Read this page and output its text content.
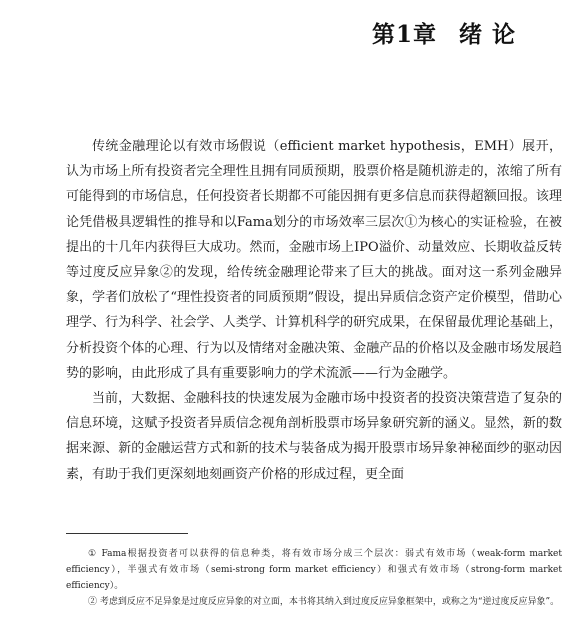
第1章 绪 论

传统金融理论以有效市场假说（efficient market hypothesis，EMH）展开，认为市场上所有投资者完全理性且拥有同质预期，股票价格是随机游走的，浓缩了所有可能得到的市场信息，任何投资者长期都不可能因拥有更多信息而获得超额回报。该理论凭借极具逻辑性的推导和以Fama划分的市场效率三层次①为核心的实证检验，在被提出的十几年内获得巨大成功。然而，金融市场上IPO溢价、动量效应、长期收益反转等过度反应异象②的发现，给传统金融理论带来了巨大的挑战。面对这一系列金融异象，学者们放松了“理性投资者的同质预期”假设，提出异质信念资产定价模型，借助心理学、行为科学、社会学、人类学、计算机科学的研究成果，在保留最优理论基础上，分析投资个体的心理、行为以及情绪对金融决策、金融产品的价格以及金融市场发展趋势的影响，由此形成了具有重要影响力的学术流派——行为金融学。

当前，大数据、金融科技的快速发展为金融市场中投资者的投资决策营造了复杂的信息环境，这赋予投资者异质信念视角剖析股票市场异象研究新的涵义。显然，新的数据来源、新的金融运营方式和新的技术与装备成为揭开股票市场异象神秘面纱的驱动因素，有助于我们更深刻地刻画资产价格的形成过程，更全面

① Fama根据投资者可以获得的信息种类，将有效市场分成三个层次：弱式有效市场（weak-form market efficiency），半强式有效市场（semi-strong form market efficiency）和强式有效市场（strong-form market efficiency）。

② 考虑到反应不足异象是过度反应异象的对立面，本书将其纳入到过度反应异象框架中，或称之为“逆过度反应异象”。
